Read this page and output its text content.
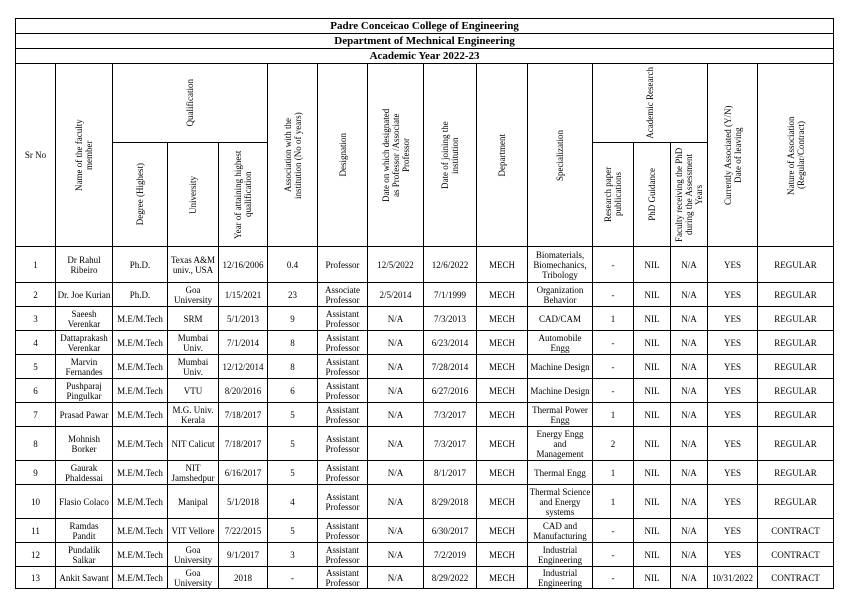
Padre Conceicao College of Engineering															
Department of Mechnical Engineering															
Academic Year 2022-23															
Sr No	Name of the faculty member	Qualification			Association with the institution (No of years)	Designation	Date on which designated as Professor /Associate Professor	Date of joining the institution	Department	Specialization	Academic Research			Currently Associated (Y/N) Date of leaving	Nature of Association (Regular/Contract)

		Degree (Highest)	University	Year of attaining highest qualification							Research paper publications	PhD Guidance	Faculty receiving the PhD during the Assessment Years		

1	Dr Rahul Ribeiro	Ph.D.	Texas A&M univ., USA	12/16/2006	0.4	Professor	12/5/2022	12/6/2022	MECH	Biomaterials, Biomechanics, Tribology	-	NIL	N/A	YES	REGULAR
2	Dr. Joe Kurian	Ph.D.	Goa University	1/15/2021	23	Associate Professor	2/5/2014	7/1/1999	MECH	Organization Behavior	-	NIL	N/A	YES	REGULAR
3	Saeesh Verenkar	M.E/M.Tech	SRM	5/1/2013	9	Assistant Professor	N/A	7/3/2013	MECH	CAD/CAM	1	NIL	N/A	YES	REGULAR
4	Dattaprakash Verenkar	M.E/M.Tech	Mumbai Univ.	7/1/2014	8	Assistant Professor	N/A	6/23/2014	MECH	Automobile Engg	-	NIL	N/A	YES	REGULAR
5	Marvin Fernandes	M.E/M.Tech	Mumbai Univ.	12/12/2014	8	Assistant Professor	N/A	7/28/2014	MECH	Machine Design	-	NIL	N/A	YES	REGULAR
6	Pushparaj Pingulkar	M.E/M.Tech	VTU	8/20/2016	6	Assistant Professor	N/A	6/27/2016	MECH	Machine Design	-	NIL	N/A	YES	REGULAR
7	Prasad Pawar	M.E/M.Tech	M.G. Univ. Kerala	7/18/2017	5	Assistant Professor	N/A	7/3/2017	MECH	Thermal Power Engg	1	NIL	N/A	YES	REGULAR
8	Mohnish Borker	M.E/M.Tech	NIT Calicut	7/18/2017	5	Assistant Professor	N/A	7/3/2017	MECH	Energy Engg and Management	2	NIL	N/A	YES	REGULAR
9	Gaurak Phaldessai	M.E/M.Tech	NIT Jamshedpur	6/16/2017	5	Assistant Professor	N/A	8/1/2017	MECH	Thermal Engg	1	NIL	N/A	YES	REGULAR
10	Flasio Colaco	M.E/M.Tech	Manipal	5/1/2018	4	Assistant Professor	N/A	8/29/2018	MECH	Thermal Science and Energy systems	1	NIL	N/A	YES	REGULAR
11	Ramdas Pandit	M.E/M.Tech	VIT Vellore	7/22/2015	5	Assistant Professor	N/A	6/30/2017	MECH	CAD and Manufacturing	-	NIL	N/A	YES	CONTRACT
12	Pundalik Salkar	M.E/M.Tech	Goa University	9/1/2017	3	Assistant Professor	N/A	7/2/2019	MECH	Industrial Engineering	-	NIL	N/A	YES	CONTRACT
13	Ankit Sawant	M.E/M.Tech	Goa University	2018	-	Assistant Professor	N/A	8/29/2022	MECH	Industrial Engineering	-	NIL	N/A	10/31/2022	CONTRACT
